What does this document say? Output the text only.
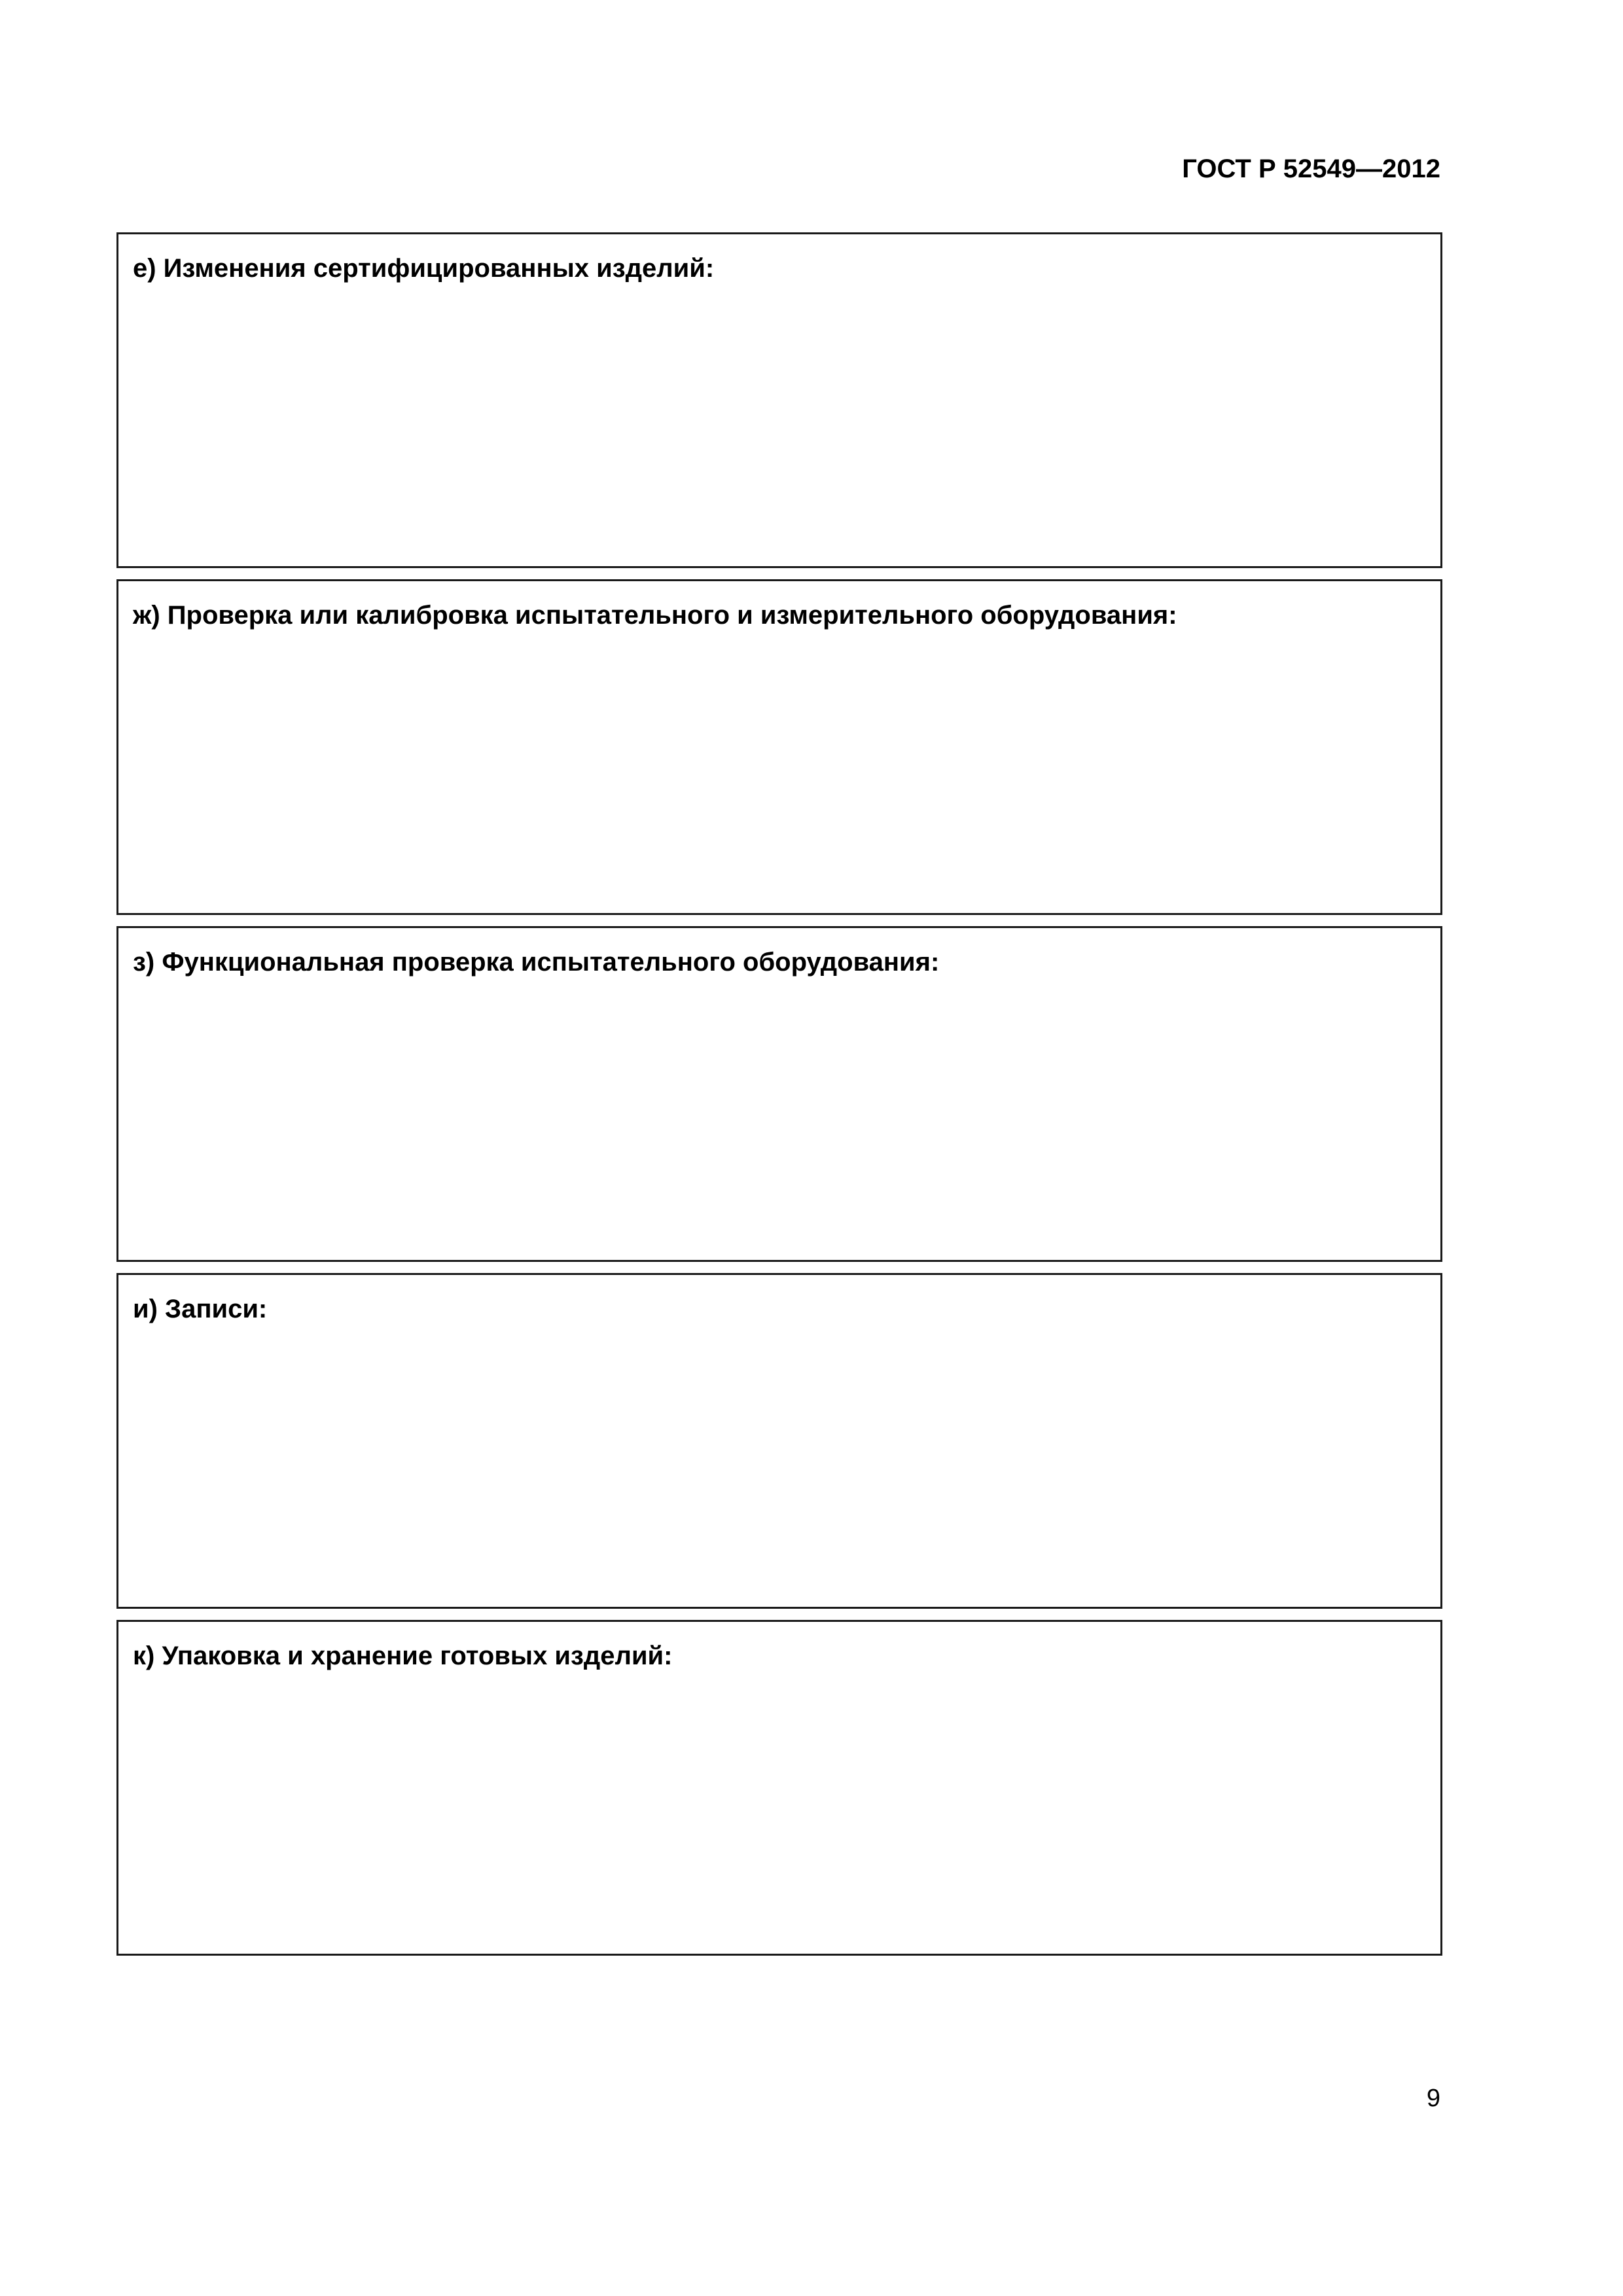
ГОСТ Р 52549—2012
е) Изменения сертифицированных изделий:
ж) Проверка или калибровка испытательного и измерительного оборудования:
з) Функциональная проверка испытательного оборудования:
и) Записи:
к) Упаковка и хранение готовых изделий:
9
